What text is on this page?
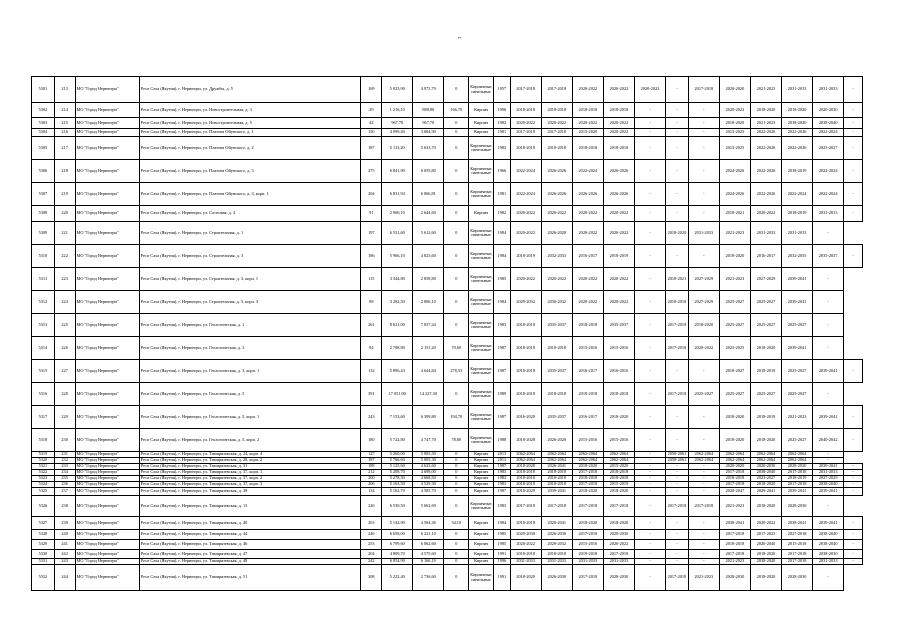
"
5301	213	МО "Город Нерюнгри"	Респ Саха (Якутия), г. Нерюнгри, ул. Дружбы, д. 5	169	5 823,90	4 973,79	0	Кирпичные, панельные	1957	2017-2018	2017-2018	2020-2022	2020-2022	2020-2022	-	2017-2018	2020-2020	2021-2023	2031-2033	2031-2033	-
5302	214	МО "Город Нерюнгри"	Респ Саха (Якутия), г. Нерюнгри, ул. Новостроительная, д. 3	29	1 216,10	888,80	166,70	Кирпич	1996	2018-2018	2018-2018	2018-2018	2018-2018	-	-	-	2020-2022	2018-2020	2018-2020	2020-2030	-
5303	215	МО "Город Нерюнгри"	Респ Саха (Якутия), г. Нерюнгри, ул. Новостроительная, д. 5	42	967,70	967,70	0	Кирпич	1982	2020-2022	2020-2022	2020-2022	2020-2022	-	-	-	2018-2020	2021-2023	2018-2020	2038-2040	-
5304	216	МО "Город Нерюнгри"	Респ Саха (Якутия), г. Нерюнгри, ул. Платона Ойунского, д. 1	150	4 099,40	3 684,90	0	Кирпич	1981	2017-2018	2017-2018	2015-2020	2020-2022	-	-	-	2013-2025	2022-2026	2022-2026	2022-2024	-
5305	217	МО "Город Нерюнгри"	Респ Саха (Якутия), г. Нерюнгри, ул. Платона Ойунского, д. 2	187	5 113,20	5 633,70	0	Кирпичные, панельные	1983	2018-2018	2018-2018	2018-2018	2018-2018	-	-	-	2013-2025	2022-2026	2022-2026	2025-2027	-
5306	218	МО "Город Нерюнгри"	Респ Саха (Якутия), г. Нерюнгри, ул. Платона Ойунского, д. 3	275	6 841,90	6 055,80	0	Кирпичные, панельные	1966	2022-2024	2026-2026	2022-2024	2026-2026	-	-	-	2024-2026	2022-2026	2018-2019	2022-2024	-
5307	219	МО "Город Нерюнгри"	Респ Саха (Якутия), г. Нерюнгри, ул. Платона Ойунского, д. 3, корп. 1	204	6 831,94	6 066,81	0	Кирпичные, панельные	1981	2022-2024	2026-2026	2026-2026	2026-2026	-	-	-	2024-2026	2022-2026	2022-2024	2022-2024	-
5308	220	МО "Город Нерюнгри"	Респ Саха (Якутия), г. Нерюнгри, ул. Сосновая, д. 4	91	2 960,10	2 644,60	0	Кирпич	1982	2020-2022	2020-2022	2020-2022	2020-2022	-	-	-	2018-2021	2020-2022	2018-2019	2031-2033	-
5309	221	МО "Город Нерюнгри"	Респ Саха (Якутия), г. Нерюнгри, ул. Строительная, д. 1	197	6 531,60	5 612,60	0	Кирпичные, панельные	1984	2020-2022	2026-2028	2020-2022	2020-2022	-	2018-2020	2031-2033	2021-2023	2031-2033	2031-2033	-	
5310	222	МО "Город Нерюнгри"	Респ Саха (Якутия), г. Нерюнгри, ул. Строительная, д. 3	186	5 966,10	4 823,60	0	Кирпичные, панельные	1984	2018-2019	2032-2033	2016-2017	2018-2019	-	-	-	2018-2020	2016-2017	2032-2035	2035-2037	-
5311	223	МО "Город Нерюнгри"	Респ Саха (Якутия), г. Нерюнгри, ул. Строительная, д. 3, корп. 1	115	3 344,80	2 858,80	0	Кирпичные, панельные	1985	2020-2022	2020-2022	2020-2022	2020-2022	-	2018-2021	2027-2029	2021-2023	2027-2029	2039-2041	-	
5312	224	МО "Город Нерюнгри"	Респ Саха (Якутия), г. Нерюнгри, ул. Строительная, д. 5, корп. 3	98	3 282,50	2 806,10	0	Кирпичные, панельные	1984	2029-2032	2030-2032	2020-2022	2020-2022	-	2018-2018	2027-2029	2025-2027	2025-2027	2039-2041	-	
5313	225	МО "Город Нерюнгри"	Респ Саха (Якутия), г. Нерюнгри, ул. Геологическая, д. 1	261	8 621,00	7 837,34	0	Кирпичные, панельные	1983	2018-2018	2035-2037	2018-2018	2035-2037	-	2017-2018	2018-2020	2025-2027	2025-2027	2025-2027	-	
5314	226	МО "Город Нерюнгри"	Респ Саха (Якутия), г. Нерюнгри, ул. Геологическая, д. 3	94	2 708,80	2 151,20	70,60	Кирпичные, панельные	1987	2018-2018	2018-2018	2015-2016	2015-2016	-	2017-2018	2020-2022	2025-2025	2018-2020	2039-2041	-	
5315	227	МО "Город Нерюнгри"	Респ Саха (Якутия), г. Нерюнгри, ул. Геологическая, д. 3, корп. 1	132	5 896,43	4 644,84	278,53	Кирпичные, панельные	1987	2018-2018	2035-2037	2016-2017	2016-2016	-	-	-	2018-2027	2018-2019	2025-2027	2039-2041	-
5316	228	МО "Город Нерюнгри"	Респ Саха (Якутия), г. Нерюнгри, ул. Геологическая, д. 5	391	17 051,90	14 227,30	0	Кирпичные, панельные	1989	2018-2018	2018-2018	2018-2018	2018-2018	-	2017-2018	2025-2027	2025-2027	2025-2027	2025-2027	-	
5317	229	МО "Город Нерюнгри"	Респ Саха (Якутия), г. Нерюнгри, ул. Геологическая, д. 5, корп. 1	243	7 153,60	6 399,80	194,70	Кирпичные, панельные	1987	2016-2028	2035-2037	2016-2017	2018-2020	-	-	-	2018-2020	2018-2019	2021-2023	2039-2041	-
5318	230	МО "Город Нерюнгри"	Респ Саха (Якутия), г. Нерюнгри, ул. Геологическая, д. 5, корп. 2	180	5 722,80	4 747,70	78,80	Кирпичные, панельные	1988	2018-2028	2026-2020	2015-2016	2015-2016	-	-	-	2018-2020	2018-2020	2025-2027	2040-2042	-
5319	231	МО "Город Нерюнгри"	Респ Саха (Якутия), г. Нерюнгри, ул. Тимирязевская, д. 24, корп. 4	127	5 260,00	5 005,30	0	Кирпич	2013	2062-2064	2062-2064	2062-2064	2062-2064	-	2058-2061	2062-2064	2062-2064	2062-2064	2062-2064	-	
5320	232	МО "Город Нерюнгри"	Респ Саха (Якутия), г. Нерюнгри, ул. Тимирязевская, д. 28, корп. 2	187	5 766,60	5 005,30	0	Кирпич	2013	2062-2064	2062-2064	2062-2064	2062-2064	-	2058-2061	2062-2064	2062-2064	2062-2064	2062-2064	-	
5321	233	МО "Город Нерюнгри"	Респ Саха (Якутия), г. Нерюнгри, ул. Тимирязевская, д. 31	188	5 125,60	4 623,60	0	Кирпич	1987	2018-2028	2026-2041	2018-2020	2015-2020	-	-	-	2020-2020	2020-2030	2028-2030	2039-2041	-
5322	234	МО "Город Нерюнгри"	Респ Саха (Якутия), г. Нерюнгри, ул. Тимирязевская, д. 37, корп. 1	212	5 208,70	4 698,00	0	Кирпич	1983	2018-2018	2018-2018	2017-2018	2018-2018	-	-	-	2017-2018	2038-2040	2017-2018	2031-2033	-
5323	235	МО "Город Нерюнгри"	Респ Саха (Якутия), г. Нерюнгри, ул. Тимирязевская, д. 37, корп. 2	200	5 278,30	4 668,50	0	Кирпич	1983	2018-2018	2018-2018	2018-2018	2018-2018	-	-	-	2018-2018	2023-2027	2018-2019	2027-2029	-
5324	236	МО "Город Нерюнгри"	Респ Саха (Якутия), г. Нерюнгри, ул. Тимирязевская, д. 37, корп. 3	206	5 163,50	4 529,30	0	Кирпич	1983	2018-2018	2018-2018	2017-2018	2015-2019	-	-	-	2017-2018	2018-2020	2017-2018	2038-2040	-
5325	237	МО "Город Нерюнгри"	Респ Саха (Якутия), г. Нерюнгри, ул. Тимирязевская, д. 38	134	5 162,70	4 585,70	0	Кирпич	1987	2018-2029	2039-2041	2018-2020	2018-2020	-	-	-	2020-2047	2029-2041	2039-2041	2039-2041	-
5326	238	МО "Город Нерюнгри"	Респ Саха (Якутия), г. Нерюнгри, ул. Тимирязевская, д. 13	226	6 530,50	5 662,69	0	Кирпичные, панельные	1983	2017-2018	2017-2018	2017-2018	2017-2018	-	2017-2018	2017-2018	2021-2023	2018-2020	2028-2030	-	
5327	239	МО "Город Нерюнгри"	Респ Саха (Якутия), г. Нерюнгри, ул. Тимирязевская, д. 40	203	5 142,90	4 584,36	54,10	Кирпич	1984	2018-2018	2020-2041	2018-2020	2018-2020	-	-	-	2038-2041	2020-2022	2038-2041	2039-2041	-
5328	240	МО "Город Нерюнгри"	Респ Саха (Якутия), г. Нерюнгри, ул. Тимирязевская, д. 44	246	6 658,00	6 221,10	0	Кирпич	1985	2029-2030	2026-2030	2017-2018	2020-2030	-	-	-	2017-2018	2017-2023	2027-2018	2038-2040	-
5329	241	МО "Город Нерюнгри"	Респ Саха (Якутия), г. Нерюнгри, ул. Тимирязевская, д. 46	253	6 799,60	6 062,60	0	Кирпич	1985	2020-2022	2029-2032	2015-2016	2020-2022	-	-	-	2018-2018	2020-2040	2015-2018	2038-2040	-
5330	242	МО "Город Нерюнгри"	Респ Саха (Якутия), г. Нерюнгри, ул. Тимирязевская, д. 47	204	4 809,70	4 575,60	0	Кирпич	1991	2018-2018	2018-2018	2019-2018	2017-2018	-	-	-	2017-2018	2018-2020	2017-2018	2038-2030	-
5331	243	МО "Город Нерюнгри"	Респ Саха (Якутия), г. Нерюнгри, ул. Тимирязевская, д. 48	242	6 854,90	6 166,19	0	Кирпич	1996	2031-2033	2031-2033	2031-2033	2031-2033	-	-	-	2021-2023	2038-2040	2017-2018	2031-2033	-
5332	244	МО "Город Нерюнгри"	Респ Саха (Якутия), г. Нерюнгри, ул. Тимирязевская, д. 51	308	5 222,40	2 736,60	0	Кирпичные, панельные	1991	2018-2020	2026-2030	2017-2018	2028-2030	-	2017-2018	2021-2023	2028-2030	2018-2020	2028-2030	-	
